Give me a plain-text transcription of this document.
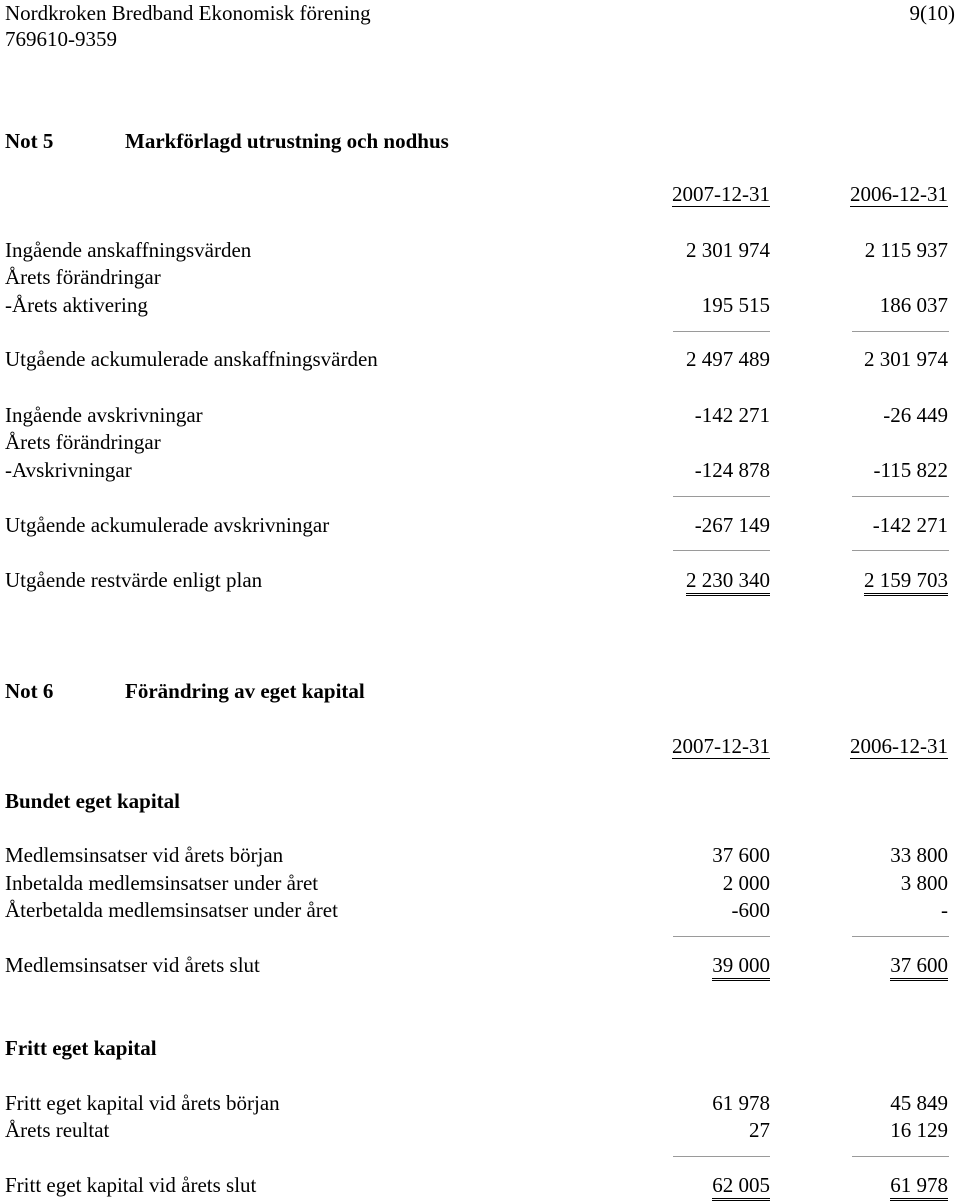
Nordkroken Bredband Ekonomisk förening
769610-9359
9(10)
Not 5	Markförlagd utrustning och nodhus
2007-12-31	2006-12-31
Ingående anskaffningsvärden	2 301 974	2 115 937
Årets förändringar
-Årets aktivering	195 515	186 037
Utgående ackumulerade anskaffningsvärden	2 497 489	2 301 974
Ingående avskrivningar	-142 271	-26 449
Årets förändringar
-Avskrivningar	-124 878	-115 822
Utgående ackumulerade avskrivningar	-267 149	-142 271
Utgående restvärde enligt plan	2 230 340	2 159 703
Not 6	Förändring av eget kapital
2007-12-31	2006-12-31
Bundet eget kapital
Medlemsinsatser vid årets början	37 600	33 800
Inbetalda medlemsinsatser under året	2 000	3 800
Återbetalda medlemsinsatser under året	-600	-
Medlemsinsatser vid årets slut	39 000	37 600
Fritt eget kapital
Fritt eget kapital vid årets början	61 978	45 849
Årets reultat	27	16 129
Fritt eget kapital vid årets slut	62 005	61 978
